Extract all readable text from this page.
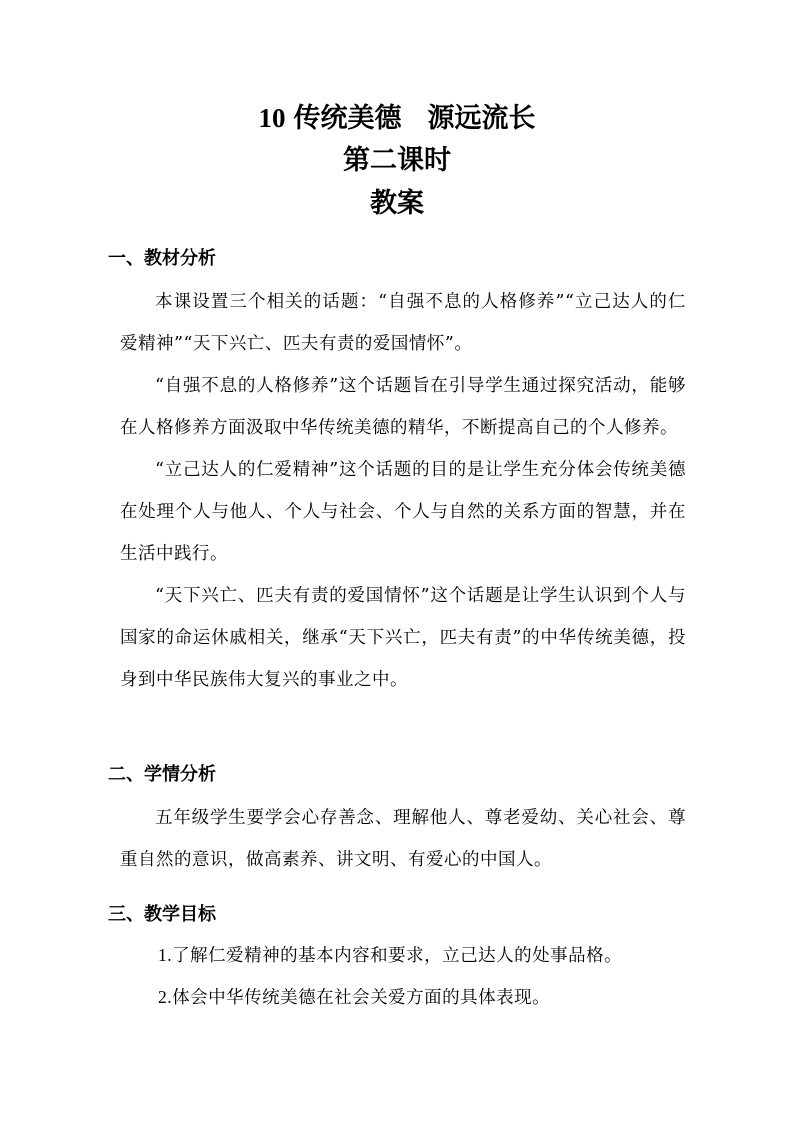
10 传统美德 源远流长
第二课时
教案
一、教材分析

本课设置三个相关的话题：“自强不息的人格修养”“立己达人的仁爱精神”“天下兴亡、匹夫有责的爱国情怀”。

“自强不息的人格修养”这个话题旨在引导学生通过探究活动，能够在人格修养方面汲取中华传统美德的精华，不断提高自己的个人修养。

“立己达人的仁爱精神”这个话题的目的是让学生充分体会传统美德在处理个人与他人、个人与社会、个人与自然的关系方面的智慧，并在生活中践行。

“天下兴亡、匹夫有责的爱国情怀”这个话题是让学生认识到个人与国家的命运休戚相关，继承“天下兴亡，匹夫有责”的中华传统美德，投身到中华民族伟大复兴的事业之中。

二、学情分析

五年级学生要学会心存善念、理解他人、尊老爱幼、关心社会、尊重自然的意识，做高素养、讲文明、有爱心的中国人。

三、教学目标
1.了解仁爱精神的基本内容和要求，立己达人的处事品格。
2.体会中华传统美德在社会关爱方面的具体表现。
